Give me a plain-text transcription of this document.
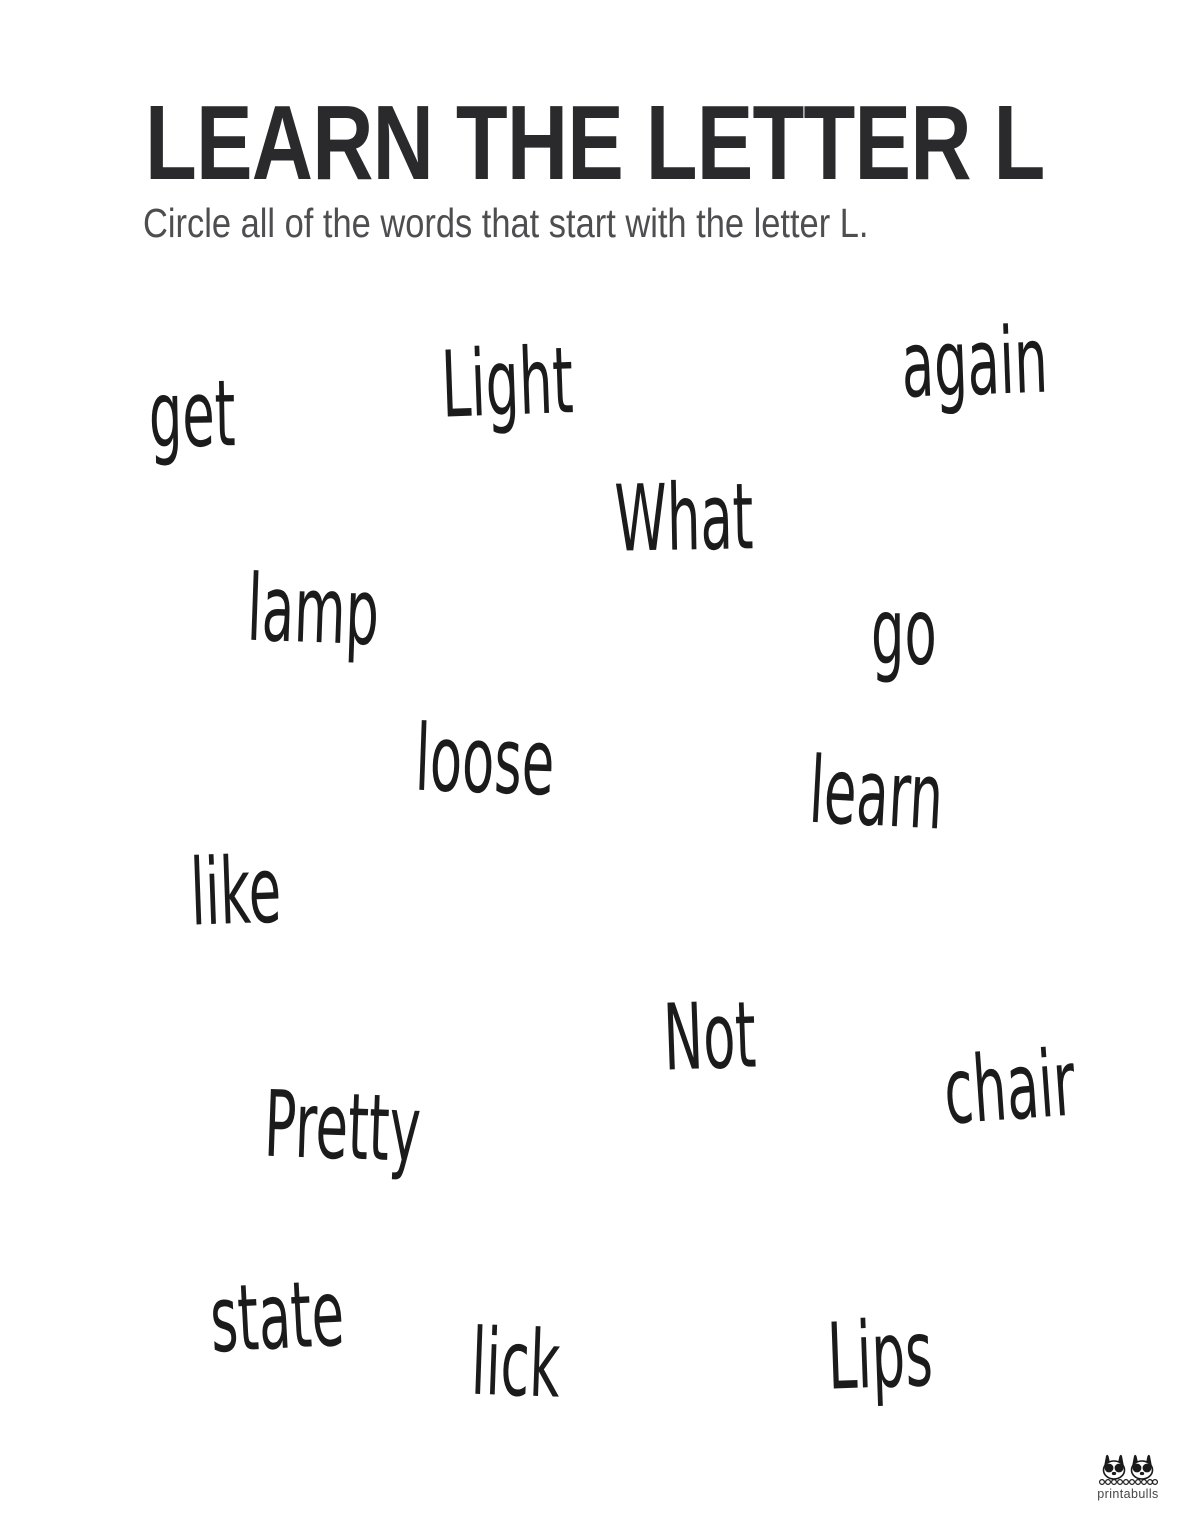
LEARN THE LETTER L

Circle all of the words that start with the letter L.

get Light	again
What
lamp	go
loose	learn
like
Not chair
Pretty
state lick	Lips
printabulls
